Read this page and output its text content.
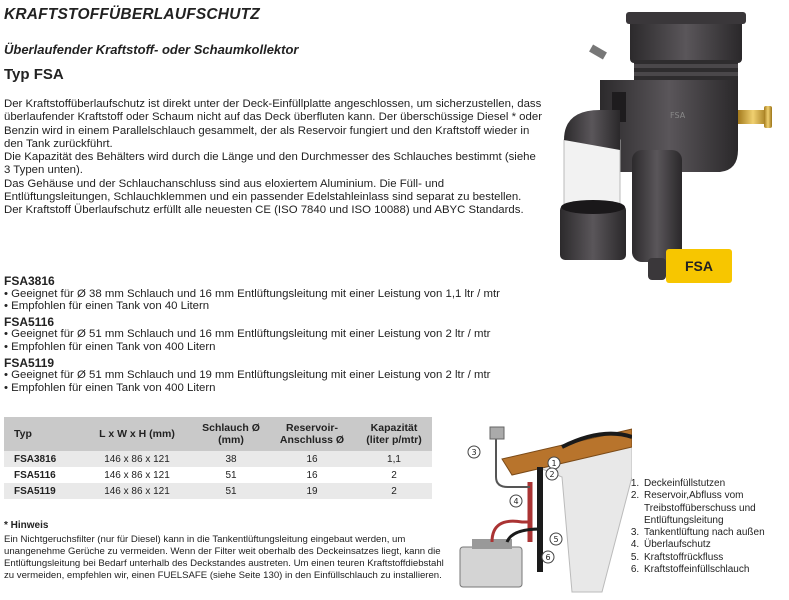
KRAFTSTOFFÜBERLAUFSCHUTZ
Überlaufender Kraftstoff- oder Schaumkollektor
Typ FSA

Der Kraftstoffüberlaufschutz ist direkt unter der Deck-Einfüllplatte angeschlossen, um sicherzustellen, dass überlaufender Kraftstoff oder Schaum nicht auf das Deck überfluten kann. Der überschüssige Diesel * oder Benzin wird in einem Parallelschlauch gesammelt, der als Reservoir fungiert und den Kraftstoff wieder in den Tank zurückführt.

Die Kapazität des Behälters wird durch die Länge und den Durchmesser des Schlauches bestimmt (siehe 3 Typen unten).

Das Gehäuse und der Schlauchanschluss sind aus eloxiertem Aluminium. Die Füll- und Entlüftungsleitungen, Schlauchklemmen und ein passender Edelstahleinlass sind separat zu bestellen.

Der Kraftstoff Überlaufschutz erfüllt alle neuesten CE (ISO 7840 und ISO 10088) und ABYC Standards.

FSA
FSA
FSA3816
• Geeignet für Ø 38 mm Schlauch und 16 mm Entlüftungsleitung mit einer Leistung von 1,1 ltr / mtr
• Empfohlen für einen Tank von 40 Litern
FSA5116
• Geeignet für Ø 51 mm Schlauch und 16 mm Entlüftungsleitung mit einer Leistung von 2 ltr / mtr
• Empfohlen für einen Tank von 400 Litern
FSA5119
• Geeignet für Ø 51 mm Schlauch und 19 mm Entlüftungsleitung mit einer Leistung von 2 ltr / mtr
• Empfohlen für einen Tank von 400 Litern
Typ	L x W x H (mm)	Schlauch Ø (mm)	Reservoir-Anschluss Ø	Kapazität (liter p/mtr)
FSA3816	146 x 86 x 121	38	16	1,1
FSA5116	146 x 86 x 121	51	16	2
FSA5119	146 x 86 x 121	51	19	2
* Hinweis
Ein Nichtgeruchsfilter (nur für Diesel) kann in die Tankentlüftungsleitung eingebaut werden, um unangenehme Gerüche zu vermeiden. Wenn der Filter weit oberhalb des Deckeinsatzes liegt, kann die Entlüftungsleitung bei Bedarf unterhalb des Deckstandes austreten. Um einen teuren Kraftstoffdiebstahl zu vermeiden, empfehlen wir, einen FUELSAFE (siehe Seite 130) in den Einfüllschlauch zu installieren.
1
2
3
4
5
6
1. Deckeinfüllstutzen
2. Reservoir,Abfluss vom Treibstoffüberschuss und Entlüftungsleitung
3. Tankentlüftung nach außen
4. Überlaufschutz
5. Kraftstoffrückfluss
6. Kraftstoffeinfüllschlauch
